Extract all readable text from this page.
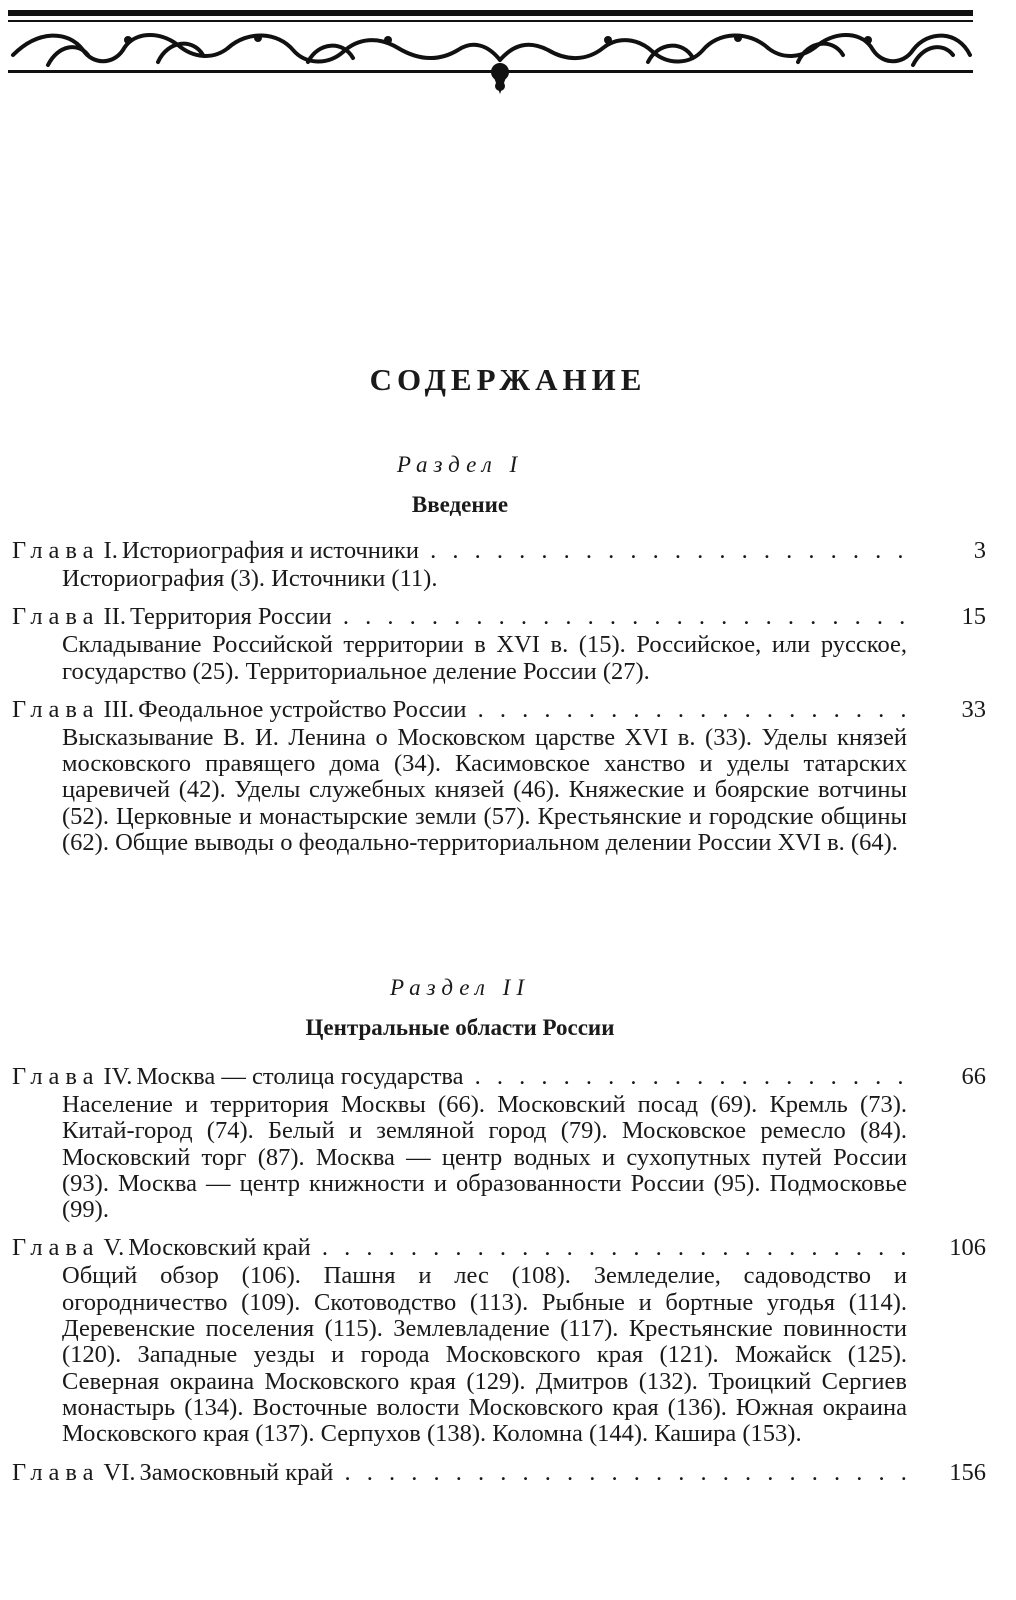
СОДЕРЖАНИЕ
Раздел I
Введение
Глава I. Историография и источники . . .	3
Историография (3). Источники (11).
Глава II. Территория России . . .	15
Складывание Российской территории в XVI в. (15). Российское, или русское, государство (25). Территориальное деление России (27).
Глава III. Феодальное устройство России . . .	33
Высказывание В. И. Ленина о Московском царстве XVI в. (33). Уделы князей московского правящего дома (34). Касимовское ханство и уделы татарских царевичей (42). Уделы служебных князей (46). Княжеские и боярские вотчины (52). Церковные и монастырские земли (57). Крестьянские и городские общины (62). Общие выводы о феодально-территориальном делении России XVI в. (64).
Раздел II
Центральные области России
Глава IV. Москва — столица государства . . .	66
Население и территория Москвы (66). Московский посад (69). Кремль (73). Китай-город (74). Белый и земляной город (79). Московское ремесло (84). Московский торг (87). Москва — центр водных и сухопутных путей России (93). Москва — центр книжности и образованности России (95). Подмосковье (99).
Глава V. Московский край . . .	106
Общий обзор (106). Пашня и лес (108). Земледелие, садоводство и огородничество (109). Скотоводство (113). Рыбные и бортные угодья (114). Деревенские поселения (115). Землевладение (117). Крестьянские повинности (120). Западные уезды и города Московского края (121). Можайск (125). Северная окраина Московского края (129). Дмитров (132). Троицкий Сергиев монастырь (134). Восточные волости Московского края (136). Южная окраина Московского края (137). Серпухов (138). Коломна (144). Кашира (153).
Глава VI. Замосковный край . . .	156
